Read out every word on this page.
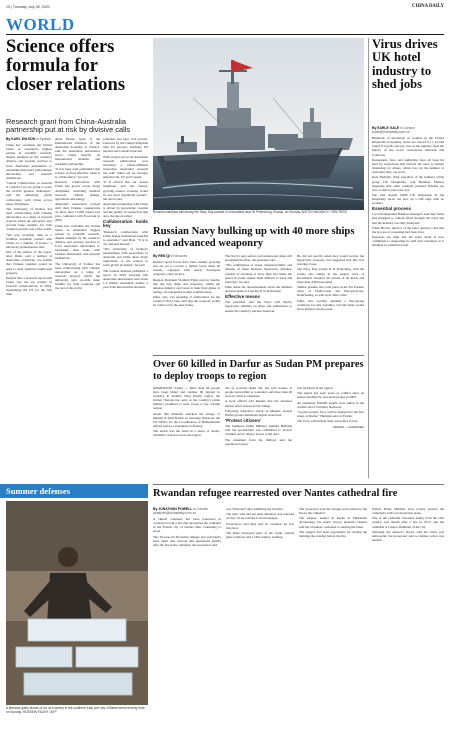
10 | Tuesday, July 28, 2020	CHINA DAILY
WORLD
Science offers formula for closer relations
Research grant from China-Australia partnership put at risk by divisive calls
By KARL WILSON in Sydney

China has overtaken the United States as Australia's biggest partner in scientific research, despite attempts by the country's divisive and security services to force Australian universities to reexamine their links with Chinese universities and research institutions.

"Global collaboration on research is critical if we are going to solve the world's greatest challenges," said the university, which collaborates with China across many disciplines.

The University of Sydney has been collaborating with Chinese universities on a range of research projects which the university says provide huge benefits for both countries and the rest of the world.

"We now probably rank as a frontline academic partner with China on a number of fronts," a university spokesperson said.

One of the authors of the report, Alex Dunn, said a number of Australian politicians are fearful that Chinese students would be used to steal sensitive intellectual property.

Despite this, a research report said China was the top partner in research collaborations in 2019, supplanting the US for the first time.

Allan Bettes, head of the International Division of the Australian Academy of Science, said the Australian universities sector relied heavily on international students and academic partnership.

"It has been well established that science is most effective when it is collaborative," he said.

Research collaboration with China has grown across many disciplines, including medical research, climate change, agriculture and energy.

Australia's researchers worked with their Chinese counterparts on more than 15,000 papers last year, compared with 8 percent in 2009.

China has overtaken the United States as Australia's biggest partner in scientific research, despite attempts by the country's divisive and security services to force Australian universities to reexamine their links with Chinese universities and research institutions.

The University of Sydney has been collaborating with Chinese universities on a range of research projects which the university says provide huge benefits for both countries and the rest of the world.

scientists was near 15.6 percent, followed by the United Kingdom with 9.5 percent, Germany 8.0 percent and Canada 6 percent.

With around one in six Australian research publications now involving a China-affiliated researcher, Australia's research ties with China are far stronger than the UK, US and Canada.

"It is natural that our closest neighbour and the fastest-growing science economy would be our most significant partner," the report said.

Australian partnership with China is driven by knowledge creation and the quality of research in that area, the report added.

Collaboration holds key

"Research collaboration with China brings tremendous benefits to Australia," said Hale. "It is in our national interest."

"The University of Sydney's relationships with researchers in Australia and China share many aspirations: to use science to solve global problems," he said.

The Grattan Institute published a report in 2019 showing that Australian universities earn about 1.4 billion Australian dollars a year from international students.

Russian warships sail during the Navy Day parade in Kronshtadt near St Petersburg, Russia, on Sunday. ANTON VAGANOV / REUTERS
Russian Navy bulking up with 40 more ships and advanced weaponry
By REN QI in Moscow

Russia's naval forces have been steadily growing and are set to receive a further boost when 40 vessels, equipped with newly developed weaponry, enter service.

Russian President Vladimir Putin said on Sunday that the new ships and weaponry, which the defense ministry said were in their final phase of testing, are unequaled in their sophistication.

Putin, who was speaking at celebrations for the country's Navy Day, said that the weapons would be rolled out in the near future.

The Navy's new surface and underwater ships will strengthen the fleet, the president said.

"The combination of speed, maneuverability and altitude of these Russian hypersonic missiles, capable of traveling at more than five times the speed of sound, makes them difficult to track and intercept," he said.

Putin made the announcement about the missiles and new ships at a parade in St Petersburg.

Effective means

The president said the Navy will deploy hypersonic missiles on ships and submarines to ensure the country's nuclear deterrent.

He did not specify when they would receive the hypersonic weapons, but suggested that this was drawing closer.

The Navy Day parade in St Petersburg, with the events also taking in the nearby town of Kronshtadt, featured 46 vessels of all kinds and more than 4,000 personnel.

Similar parades also took place in the Far Eastern cities of Vladivostok and Petropavlovsk-Kamchatsky, as well as in other cities.

Putin, who recently attended a fleet-laying ceremony for new warships, said the ships would show Russia's naval power.

Over 60 killed in Darfur as Sudan PM prepares to deploy troops to region

KHARTOUM, Sudan — More than 60 people have been killed and another 60 injured in violence in Sudan's West Darfur region, the United Nations has said, as the country's prime minister promised to send troops to the volatile region.

About 500 militants attacked the village of Masteri in West Darfur on Saturday afternoon, the UN Office for the Coordination of Humanitarian Affairs said in a statement on Sunday.

The attack was the latest in a series of mostly tribalistic violence across the region.

tals as accurate death toll, but said dozens of people were killed or wounded, and more than 40 were in critical conditions.

A local official told Reuters that the attackers burned down houses in the village.

Following Saturday's attack on Masteri, several Darfur groups demanded urgent protection.

'Protect citizens'

The Sudanese Prime Minister Abdalla Hamdok said the government was committed to protect civilians and to deploy troops to the area.

The statement from the military said the operations began.

tion incidents in the region.

The region has seen years of conflict since an armed rebellion by non-Arab groups in 2003.

An estimated 300,000 people were killed in the conflict and 2.5 million displaced.

"A joint security force will be deployed to the five states of Darfur," Hamdok said on Twitter.

The force will include army and police forces.

XINHUA — AGENCIES

Virus drives UK hotel industry to shed jobs
By EARLE GALE in London
earle@chinadaily.com.cn

Hundreds of thousands of workers in the United Kingdom's hospitality sector are braced for a second round of layoffs and pay cuts as the industry feels the impact of the novel coronavirus outbreak and lockdown.

Restaurants, bars, and nightclubs have all been hit hard by restrictions that include the need to sustain distancing for diners, which has cut the number of customers they can serve.

Kate Nicholls, chief executive of the industry lobby group UK Hospitality, told Business Matters magazine that other carefully planned benefits are now at risk as jobs were lost.

She said around 2,000 UK businesses in the hospitality sector are now on a cliff edge with no workers.

Essential process

Local Independent Business managers said their firms had struggled to remain afloat through the crisis and that the industry was still 'paralysed'.

When Brown, director of the hotel operator, said that the process of reopening had been slow.

Expenses are high and the hotel chain is now committed to supporting its staff and customers as it attempts to rebuild its trade.

Summer defenses
A labrador gilets blocks of ice at a factory in the southern Iraqi port city of Basra amid reviving heat on Sunday. HUSSEIN FALEH / AFP
Rwandan refugee rearrested over Nantes cathedral fire
By JONATHAN POWELL in London
jonathan@chinadaily.com.cn

A church volunteer has been rearrested in connection with a fire that devastated the cathedral in the French city of Nantes after confessing to arson.

The 39-year-old Rwandan refugee had previously been taken into custody and questioned shortly after the fire in the cathedral, the prosecutor said.

was "liberated" after admitting the incident.

The man, who had not been detained, was released on July 19, he told the local newspaper.

Prosecutors said they had no evidence he was involved.

The blaze destroyed parts of the organ, stained glass windows and a 16th-century painting.

The prosecutor said the charges were related to the fire in the cathedral.

The suspect, named by media as Emmanuel Abayisenga, the man's lawyer Quentin Chabert said the volunteer confessed to starting the blaze.

The suspect had been responsible for closing the building the evening before the fire.

French Prime Minister Jean Castex praised the cathedral's swift reconstruction plans.

One of the cathedral structures dating from the 15th century was rebuilt after a fire in 1972, and the cathedral is a major landmark of the city.

Although the suspect's lawyer said his client was remorseful, the prosecutor said no further action was needed.
